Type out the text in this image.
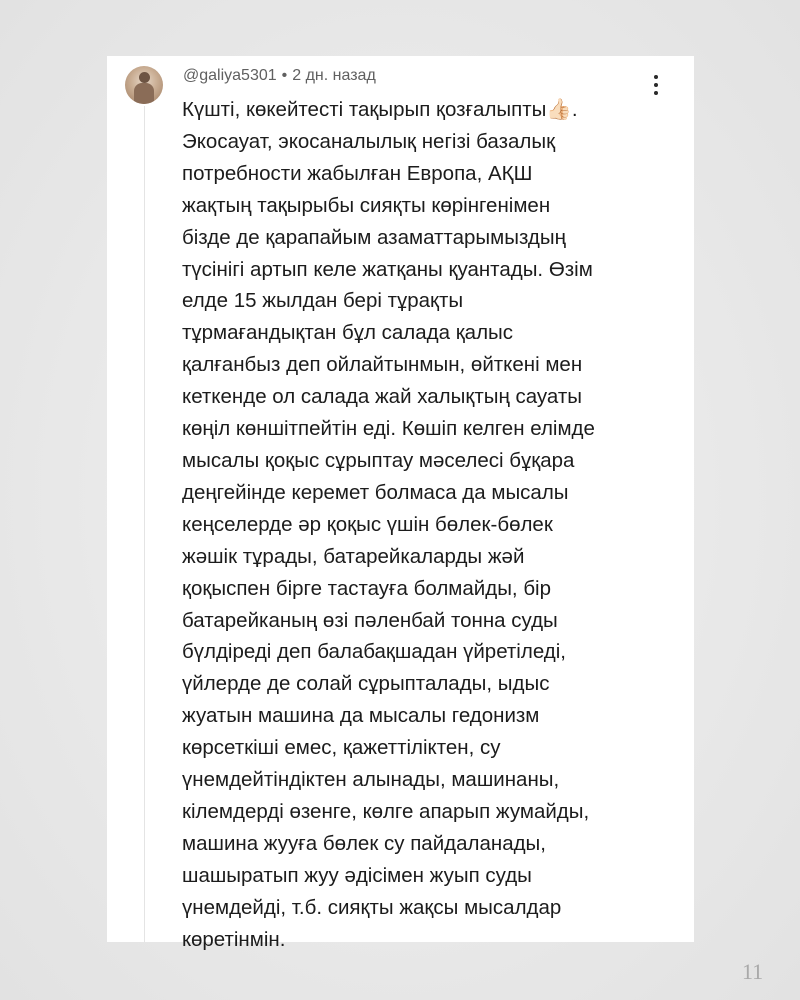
@galiya5301 • 2 дн. назад
Күшті, көкейтесті тақырып қозғалыпты👍🏻.
Экосауат, экосаналылық негізі базалық
потребности жабылған Европа, АҚШ
жақтың тақырыбы сияқты көрінгенімен
бізде де қарапайым азаматтарымыздың
түсінігі артып келе жатқаны қуантады. Өзім
елде 15 жылдан бері тұрақты
тұрмағандықтан бұл салада қалыс
қалғанбыз деп ойлайтынмын, өйткені мен
кеткенде ол салада жай халықтың сауаты
көңіл көншітпейтін еді. Көшіп келген елімде
мысалы қоқыс сұрыптау мәселесі бұқара
деңгейінде керемет болмаса да мысалы
кеңселерде әр қоқыс үшін бөлек-бөлек
жәшік тұрады, батарейкаларды жәй
қоқыспен бірге тастауға болмайды, бір
батарейканың өзі пәленбай тонна суды
бүлдіреді деп балабақшадан үйретіледі,
үйлерде де солай сұрыпталады, ыдыс
жуатын машина да мысалы гедонизм
көрсеткіші емес, қажеттіліктен, су
үнемдейтіндіктен алынады, машинаны,
кілемдерді өзенге, көлге апарып жумайды,
машина жууға бөлек су пайдаланады,
шашыратып жуу әдісімен жуып суды
үнемдейді, т.б. сияқты жақсы мысалдар
көретінмін.
11
